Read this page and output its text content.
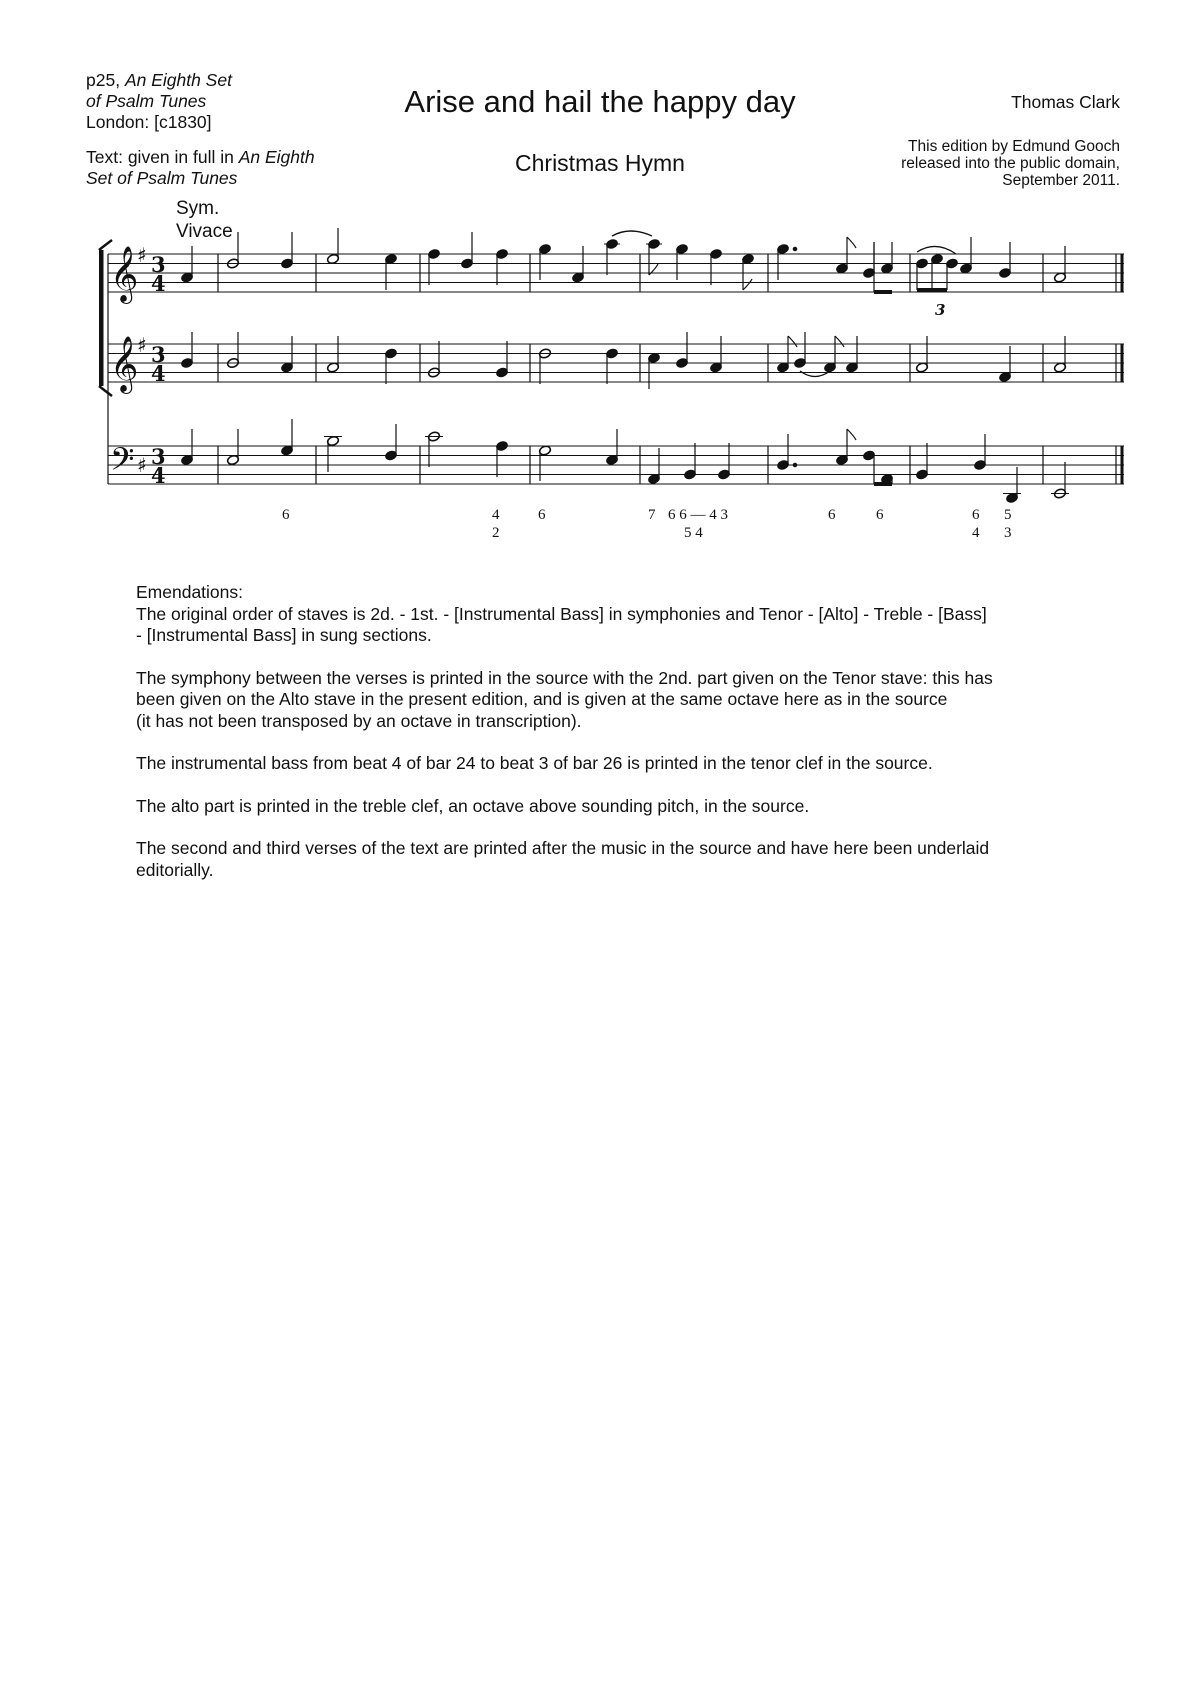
p25, An Eighth Set
of Psalm Tunes
London: [c1830]
Text: given in full in An Eighth
Set of Psalm Tunes
Arise and hail the happy day
Christmas Hymn
Thomas Clark
This edition by Edmund Gooch
released into the public domain,
September 2011.
Sym.
Vivace
𝄞
𝄞
𝄢
♯
♯
♯
3
4
3
4
3
4
3
6	4
2
6	7 6 6 — 4 3
5 4
6	6	6
4
5
3

Emendations:

The original order of staves is 2d. - 1st. - [Instrumental Bass] in symphonies and Tenor - [Alto] - Treble - [Bass]
- [Instrumental Bass] in sung sections.

The symphony between the verses is printed in the source with the 2nd. part given on the Tenor stave: this has
been given on the Alto stave in the present edition, and is given at the same octave here as in the source
(it has not been transposed by an octave in transcription).

The instrumental bass from beat 4 of bar 24 to beat 3 of bar 26 is printed in the tenor clef in the source.

The alto part is printed in the treble clef, an octave above sounding pitch, in the source.

The second and third verses of the text are printed after the music in the source and have here been underlaid
editorially.
